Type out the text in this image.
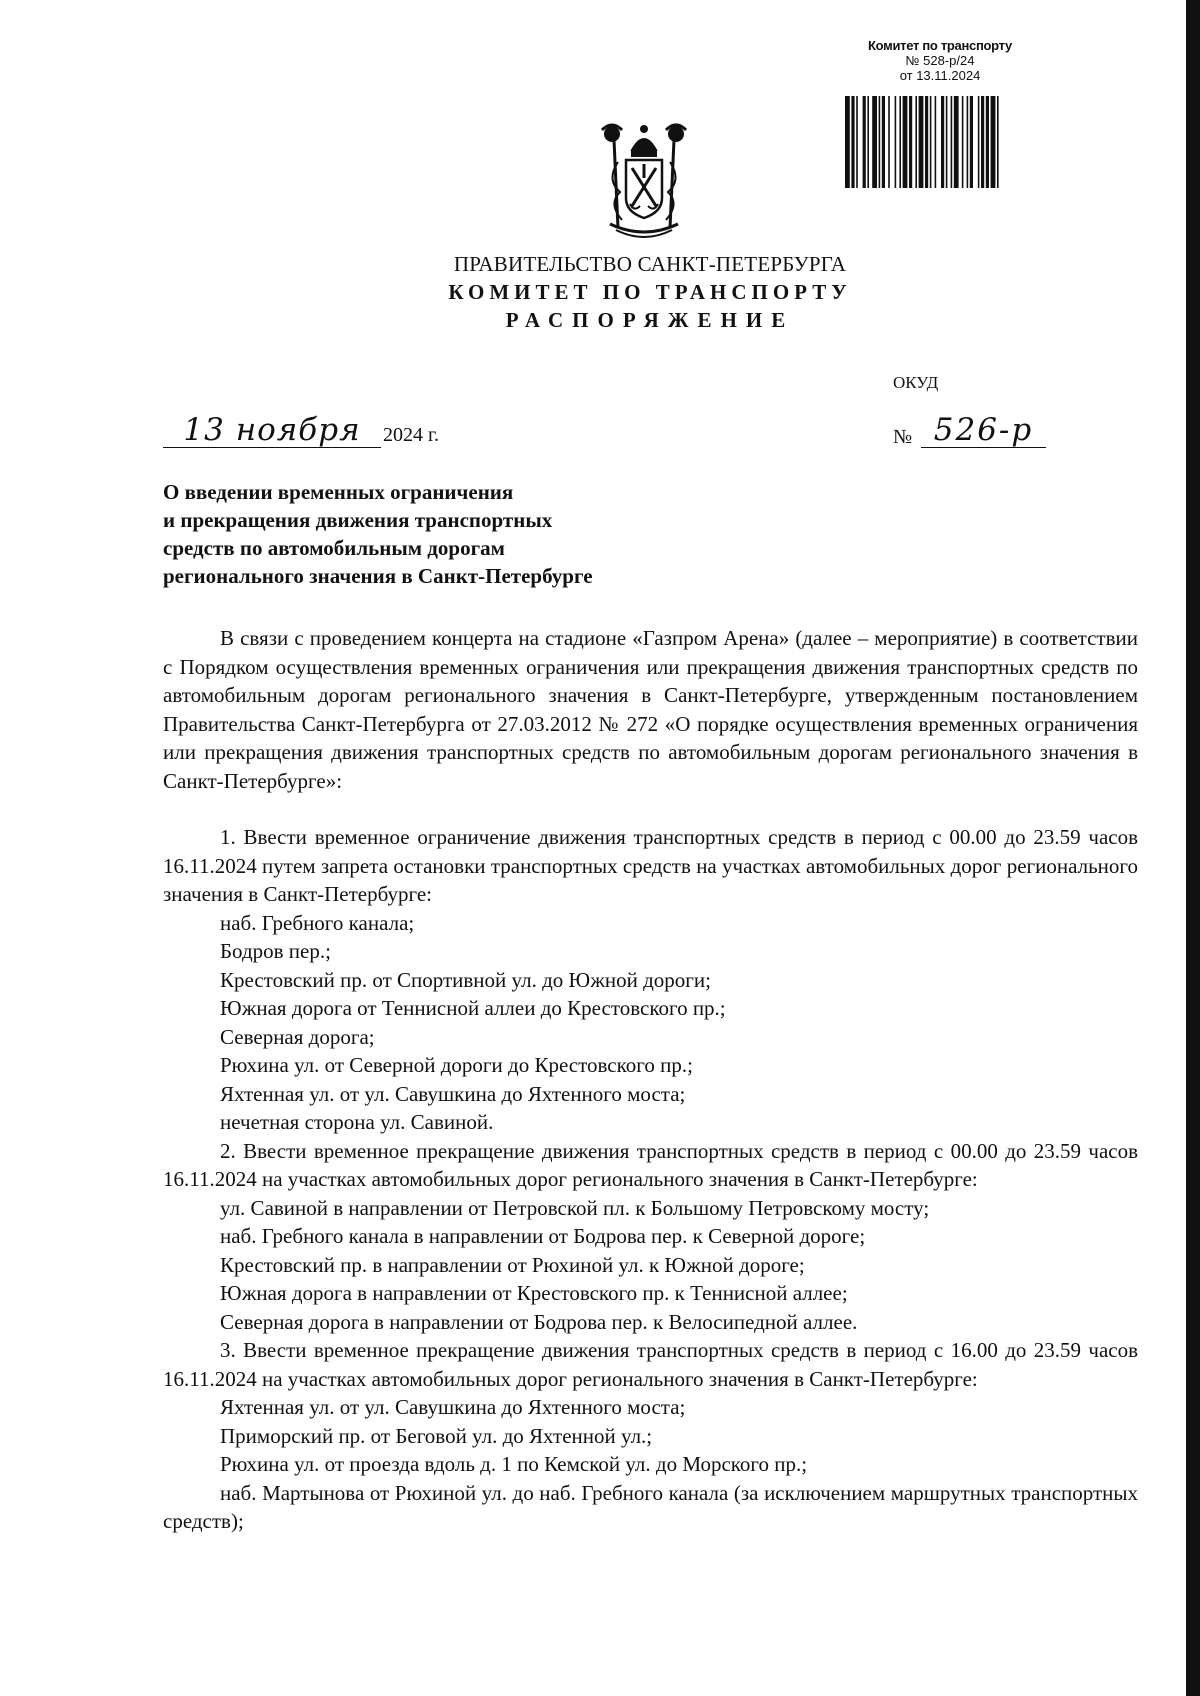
Комитет по транспорту
№ 528-р/24
от 13.11.2024
ПРАВИТЕЛЬСТВО САНКТ-ПЕТЕРБУРГА
КОМИТЕТ ПО ТРАНСПОРТУ
РАСПОРЯЖЕНИЕ
ОКУД
13 ноября	2024 г.	№ 526-р
О введении временных ограничения
и прекращения движения транспортных
средств по автомобильным дорогам
регионального значения в Санкт-Петербурге

В связи с проведением концерта на стадионе «Газпром Арена» (далее – мероприятие) в соответствии с Порядком осуществления временных ограничения или прекращения движения транспортных средств по автомобильным дорогам регионального значения в Санкт-Петербурге, утвержденным постановлением Правительства Санкт-Петербурга от 27.03.2012 № 272 «О порядке осуществления временных ограничения или прекращения движения транспортных средств по автомобильным дорогам регионального значения в Санкт-Петербурге»:

1. Ввести временное ограничение движения транспортных средств в период с 00.00 до 23.59 часов 16.11.2024 путем запрета остановки транспортных средств на участках автомобильных дорог регионального значения в Санкт-Петербурге:

наб. Гребного канала;

Бодров пер.;

Крестовский пр. от Спортивной ул. до Южной дороги;

Южная дорога от Теннисной аллеи до Крестовского пр.;

Северная дорога;

Рюхина ул. от Северной дороги до Крестовского пр.;

Яхтенная ул. от ул. Савушкина до Яхтенного моста;

нечетная сторона ул. Савиной.

2. Ввести временное прекращение движения транспортных средств в период с 00.00 до 23.59 часов 16.11.2024 на участках автомобильных дорог регионального значения в Санкт-Петербурге:

ул. Савиной в направлении от Петровской пл. к Большому Петровскому мосту;

наб. Гребного канала в направлении от Бодрова пер. к Северной дороге;

Крестовский пр. в направлении от Рюхиной ул. к Южной дороге;

Южная дорога в направлении от Крестовского пр. к Теннисной аллее;

Северная дорога в направлении от Бодрова пер. к Велосипедной аллее.

3. Ввести временное прекращение движения транспортных средств в период с 16.00 до 23.59 часов 16.11.2024 на участках автомобильных дорог регионального значения в Санкт-Петербурге:

Яхтенная ул. от ул. Савушкина до Яхтенного моста;

Приморский пр. от Беговой ул. до Яхтенной ул.;

Рюхина ул. от проезда вдоль д. 1 по Кемской ул. до Морского пр.;

наб. Мартынова от Рюхиной ул. до наб. Гребного канала (за исключением маршрутных транспортных средств);
